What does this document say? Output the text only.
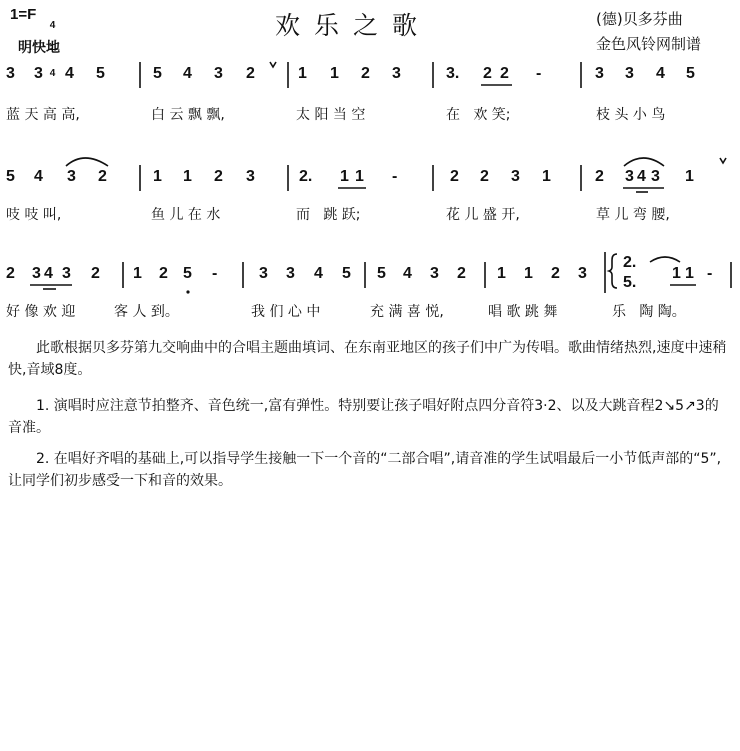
1=F

4

4

明快地
欢乐之歌	(德)贝多芬曲
金色风铃网制谱

3

3

4

5

	5

4

3

2

	1

1

2

3

	3.

2

2

-

	3

3

4

5

蓝 天 高 高,

	白 云 飘 飘,

	太 阳 当 空

	在   欢 笑;

	枝 头 小 鸟

5

4

3

2

	1

1

2

3

	2.

1

1

-

	2

2

3

1

	2

3

4

3

1

吱 吱 叫,

	鱼 儿 在 水

	而   跳 跃;

	花 儿 盛 开,

	草 儿 弯 腰,

2

3

4

3

2

1

2

5

-

	3

3

4

5

5

4

3

2

1

1

2

3

2.

5.

1

1

-

好 像 欢 迎

	客 人 到。

	我 们 心 中

	充 满 喜 悦,

	唱 歌 跳 舞

	乐   陶 陶。

此歌根据贝多芬第九交响曲中的合唱主题曲填词、在东南亚地区的孩子们中广为传唱。歌曲情绪热烈,速度中速稍快,音域8度。
1. 演唱时应注意节拍整齐、音色统一,富有弹性。特别要让孩子唱好附点四分音符3·2、以及大跳音程2↘5↗3的音准。
2. 在唱好齐唱的基础上,可以指导学生接触一下一个音的“二部合唱”,请音准的学生试唱最后一小节低声部的“5”,让同学们初步感受一下和音的效果。
